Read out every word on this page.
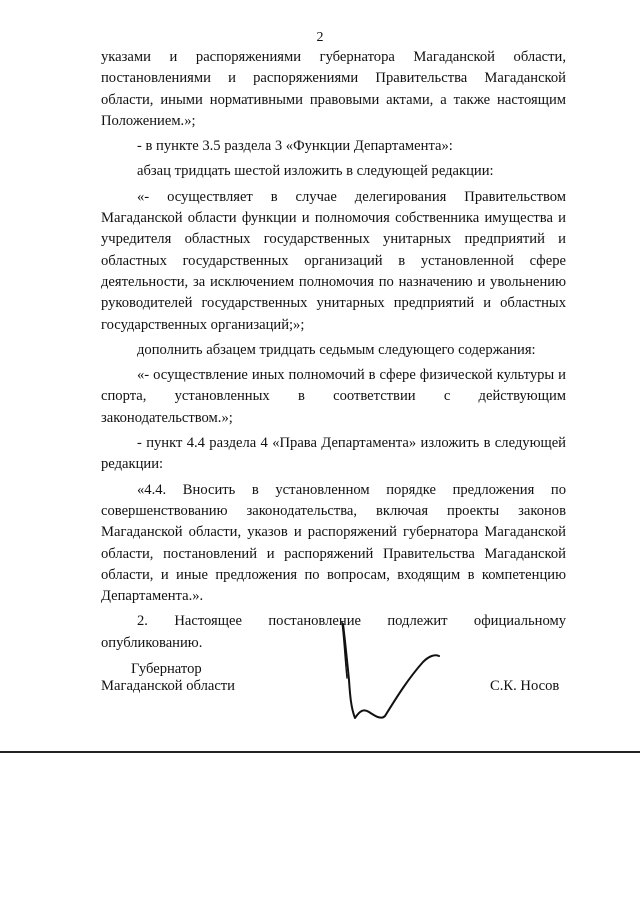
2

указами и распоряжениями губернатора Магаданской области, постановлениями и распоряжениями Правительства Магаданской области, иными нормативными правовыми актами, а также настоящим Положением.»;

- в пункте 3.5 раздела 3 «Функции Департамента»:

абзац тридцать шестой изложить в следующей редакции:

«- осуществляет в случае делегирования Правительством Магаданской области функции и полномочия собственника имущества и учредителя областных государственных унитарных предприятий и областных государственных организаций в установленной сфере деятельности, за исключением полномочия по назначению и увольнению руководителей государственных унитарных предприятий и областных государственных организаций;»;

дополнить абзацем тридцать седьмым следующего содержания:

«- осуществление иных полномочий в сфере физической культуры и спорта, установленных в соответствии с действующим законодательством.»;

- пункт 4.4 раздела 4 «Права Департамента» изложить в следующей редакции:

«4.4. Вносить в установленном порядке предложения по совершенствованию законодательства, включая проекты законов Магаданской области, указов и распоряжений губернатора Магаданской области, постановлений и распоряжений Правительства Магаданской области, и иные предложения по вопросам, входящим в компетенцию Департамента.».

2. Настоящее постановление подлежит официальному опубликованию.

Губернатор
Магаданской области	С.К. Носов
